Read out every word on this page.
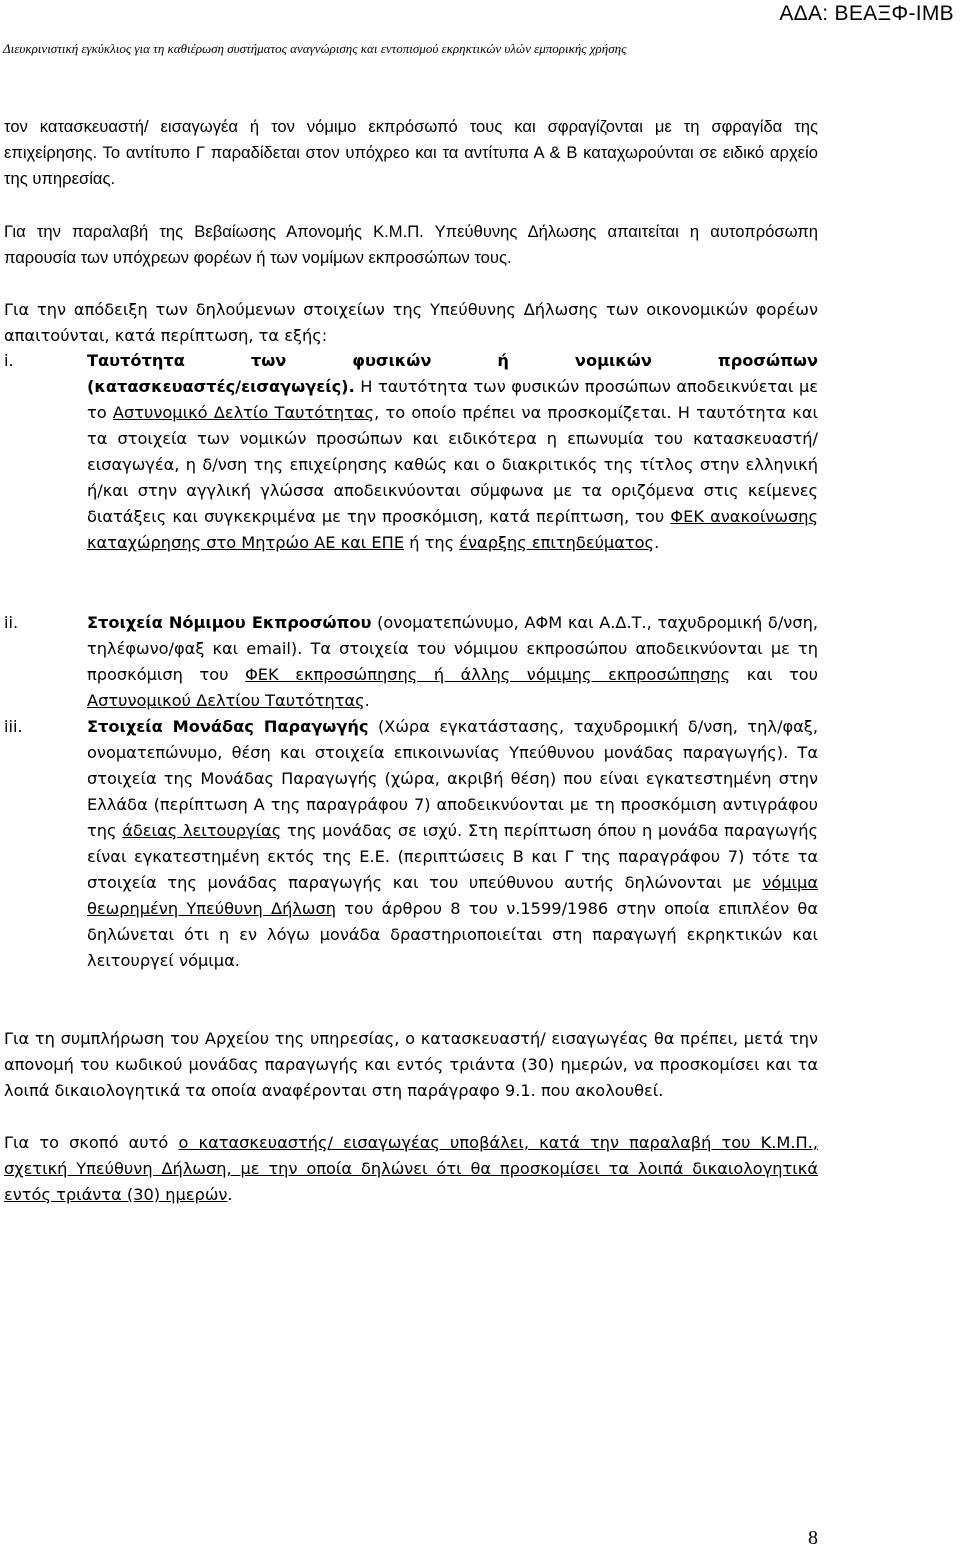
ΑΔΑ: ΒΕΑΞΦ-ΙΜΒ
Διευκρινιστική εγκύκλιος για τη καθιέρωση συστήματος αναγνώρισης και εντοπισμού εκρηκτικών υλών εμπορικής χρήσης

τον κατασκευαστή/ εισαγωγέα ή τον νόμιμο εκπρόσωπό τους και σφραγίζονται με τη σφραγίδα της επιχείρησης. Το αντίτυπο Γ παραδίδεται στον υπόχρεο και τα αντίτυπα Α & Β καταχωρούνται σε ειδικό αρχείο της υπηρεσίας.

Για την παραλαβή της Βεβαίωσης Απονομής Κ.Μ.Π. Υπεύθυνης Δήλωσης απαιτείται η αυτοπρόσωπη παρουσία των υπόχρεων φορέων ή των νομίμων εκπροσώπων τους.

Για την απόδειξη των δηλούμενων στοιχείων της Υπεύθυνης Δήλωσης των οικονομικών φορέων απαιτούνται, κατά περίπτωση, τα εξής:

i.	Ταυτότητα των φυσικών ή νομικών προσώπων
(κατασκευαστές/εισαγωγείς). Η ταυτότητα των φυσικών προσώπων αποδεικνύεται με το Αστυνομικό Δελτίο Ταυτότητας, το οποίο πρέπει να προσκομίζεται. Η ταυτότητα και τα στοιχεία των νομικών προσώπων και ειδικότερα η επωνυμία του κατασκευαστή/ εισαγωγέα, η δ/νση της επιχείρησης καθώς και ο διακριτικός της τίτλος στην ελληνική ή/και στην αγγλική γλώσσα αποδεικνύονται σύμφωνα με τα οριζόμενα στις κείμενες διατάξεις και συγκεκριμένα με την προσκόμιση, κατά περίπτωση, του ΦΕΚ ανακοίνωσης καταχώρησης στο Μητρώο ΑΕ και ΕΠΕ ή της έναρξης επιτηδεύματος.
ii.	Στοιχεία Νόμιμου Εκπροσώπου (ονοματεπώνυμο, ΑΦΜ και Α.Δ.Τ., ταχυδρομική δ/νση, τηλέφωνο/φαξ και email). Τα στοιχεία του νόμιμου εκπροσώπου αποδεικνύονται με τη προσκόμιση του ΦΕΚ εκπροσώπησης ή άλλης νόμιμης εκπροσώπησης και του Αστυνομικού Δελτίου Ταυτότητας.
iii.	Στοιχεία Μονάδας Παραγωγής (Χώρα εγκατάστασης, ταχυδρομική δ/νση, τηλ/φαξ, ονοματεπώνυμο, θέση και στοιχεία επικοινωνίας Υπεύθυνου μονάδας παραγωγής). Τα στοιχεία της Μονάδας Παραγωγής (χώρα, ακριβή θέση) που είναι εγκατεστημένη στην Ελλάδα (περίπτωση Α της παραγράφου 7) αποδεικνύονται με τη προσκόμιση αντιγράφου της άδειας λειτουργίας της μονάδας σε ισχύ. Στη περίπτωση όπου η μονάδα παραγωγής είναι εγκατεστημένη εκτός της Ε.Ε. (περιπτώσεις Β και Γ της παραγράφου 7) τότε τα στοιχεία της μονάδας παραγωγής και του υπεύθυνου αυτής δηλώνονται με νόμιμα θεωρημένη Υπεύθυνη Δήλωση του άρθρου 8 του ν.1599/1986 στην οποία επιπλέον θα δηλώνεται ότι η εν λόγω μονάδα δραστηριοποιείται στη παραγωγή εκρηκτικών και λειτουργεί νόμιμα.

Για τη συμπλήρωση του Αρχείου της υπηρεσίας, ο κατασκευαστή/ εισαγωγέας θα πρέπει, μετά την απονομή του κωδικού μονάδας παραγωγής και εντός τριάντα (30) ημερών, να προσκομίσει και τα λοιπά δικαιολογητικά τα οποία αναφέρονται στη παράγραφο 9.1. που ακολουθεί.

Για το σκοπό αυτό ο κατασκευαστής/ εισαγωγέας υποβάλει, κατά την παραλαβή του Κ.Μ.Π., σχετική Υπεύθυνη Δήλωση, με την οποία δηλώνει ότι θα προσκομίσει τα λοιπά δικαιολογητικά εντός τριάντα (30) ημερών.

8
